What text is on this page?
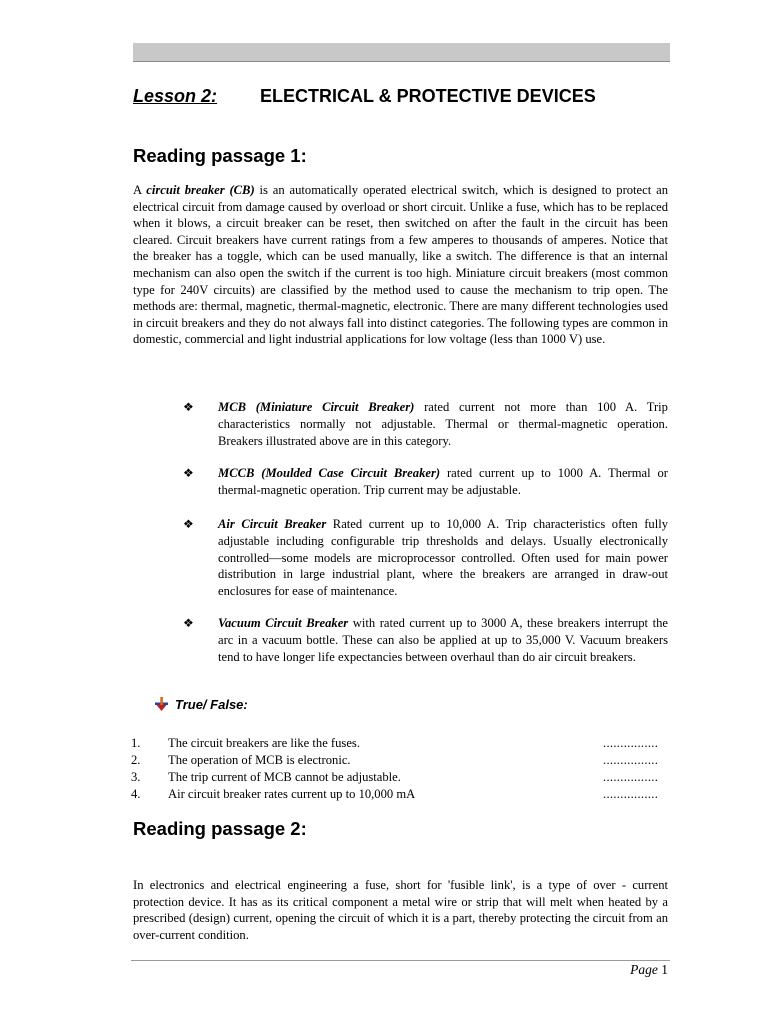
Lesson 2: ELECTRICAL & PROTECTIVE DEVICES
Reading passage 1:
A circuit breaker (CB) is an automatically operated electrical switch, which is designed to protect an electrical circuit from damage caused by overload or short circuit. Unlike a fuse, which has to be replaced when it blows, a circuit breaker can be reset, then switched on after the fault in the circuit has been cleared. Circuit breakers have current ratings from a few amperes to thousands of amperes. Notice that the breaker has a toggle, which can be used manually, like a switch. The difference is that an internal mechanism can also open the switch if the current is too high. Miniature circuit breakers (most common type for 240V circuits) are classified by the method used to cause the mechanism to trip open. The methods are: thermal, magnetic, thermal-magnetic, electronic. There are many different technologies used in circuit breakers and they do not always fall into distinct categories. The following types are common in domestic, commercial and light industrial applications for low voltage (less than 1000 V) use.
❖ MCB (Miniature Circuit Breaker) rated current not more than 100 A. Trip characteristics normally not adjustable. Thermal or thermal-magnetic operation. Breakers illustrated above are in this category.
❖ MCCB (Moulded Case Circuit Breaker) rated current up to 1000 A. Thermal or thermal-magnetic operation. Trip current may be adjustable.
❖ Air Circuit Breaker Rated current up to 10,000 A. Trip characteristics often fully adjustable including configurable trip thresholds and delays. Usually electronically controlled—some models are microprocessor controlled. Often used for main power distribution in large industrial plant, where the breakers are arranged in draw-out enclosures for ease of maintenance.
❖ Vacuum Circuit Breaker with rated current up to 3000 A, these breakers interrupt the arc in a vacuum bottle. These can also be applied at up to 35,000 V. Vacuum breakers tend to have longer life expectancies between overhaul than do air circuit breakers.
True/ False:
1. The circuit breakers are like the fuses.	................
2. The operation of MCB is electronic.	................
3. The trip current of MCB cannot be adjustable.	................
4. Air circuit breaker rates current up to 10,000 mA	................
Reading passage 2:
In electronics and electrical engineering a fuse, short for 'fusible link', is a type of over - current protection device. It has as its critical component a metal wire or strip that will melt when heated by a prescribed (design) current, opening the circuit of which it is a part, thereby protecting the circuit from an over-current condition.
Page 1
